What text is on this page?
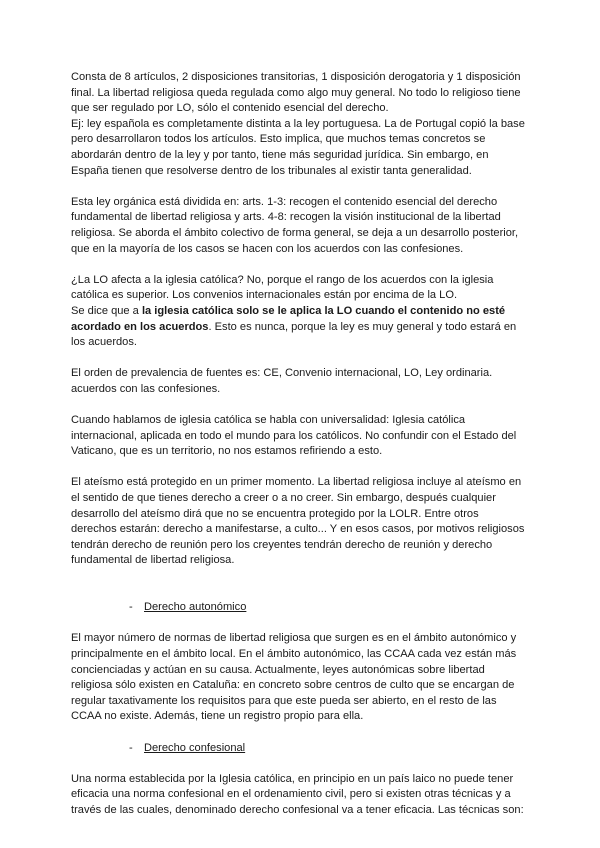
Consta de 8 artículos, 2 disposiciones transitorias, 1 disposición derogatoria y 1 disposición final. La libertad religiosa queda regulada como algo muy general. No todo lo religioso tiene que ser regulado por LO, sólo el contenido esencial del derecho.

Ej: ley española es completamente distinta a la ley portuguesa. La de Portugal copió la base pero desarrollaron todos los artículos. Esto implica, que muchos temas concretos se abordarán dentro de la ley y por tanto, tiene más seguridad jurídica. Sin embargo, en España tienen que resolverse dentro de los tribunales al existir tanta generalidad.

Esta ley orgánica está dividida en: arts. 1-3: recogen el contenido esencial del derecho fundamental de libertad religiosa y arts. 4-8: recogen la visión institucional de la libertad religiosa. Se aborda el ámbito colectivo de forma general, se deja a un desarrollo posterior, que en la mayoría de los casos se hacen con los acuerdos con las confesiones.

¿La LO afecta a la iglesia católica? No, porque el rango de los acuerdos con la iglesia católica es superior. Los convenios internacionales están por encima de la LO.

Se dice que a la iglesia católica solo se le aplica la LO cuando el contenido no esté acordado en los acuerdos. Esto es nunca, porque la ley es muy general y todo estará en los acuerdos.

El orden de prevalencia de fuentes es: CE, Convenio internacional, LO, Ley ordinaria. acuerdos con las confesiones.

Cuando hablamos de iglesia católica se habla con universalidad: Iglesia católica internacional, aplicada en todo el mundo para los católicos. No confundir con el Estado del Vaticano, que es un territorio, no nos estamos refiriendo a esto.

El ateísmo está protegido en un primer momento. La libertad religiosa incluye al ateísmo en el sentido de que tienes derecho a creer o a no creer. Sin embargo, después cualquier desarrollo del ateísmo dirá que no se encuentra protegido por la LOLR. Entre otros derechos estarán: derecho a manifestarse, a culto... Y en esos casos, por motivos religiosos tendrán derecho de reunión pero los creyentes tendrán derecho de reunión y derecho fundamental de libertad religiosa.

- Derecho autonómico

El mayor número de normas de libertad religiosa que surgen es en el ámbito autonómico y principalmente en el ámbito local. En el ámbito autonómico, las CCAA cada vez están más concienciadas y actúan en su causa. Actualmente, leyes autonómicas sobre libertad religiosa sólo existen en Cataluña: en concreto sobre centros de culto que se encargan de regular taxativamente los requisitos para que este pueda ser abierto, en el resto de las CCAA no existe. Además, tiene un registro propio para ella.

- Derecho confesional

Una norma establecida por la Iglesia católica, en principio en un país laico no puede tener eficacia una norma confesional en el ordenamiento civil, pero si existen otras técnicas y a través de las cuales, denominado derecho confesional va a tener eficacia. Las técnicas son:
